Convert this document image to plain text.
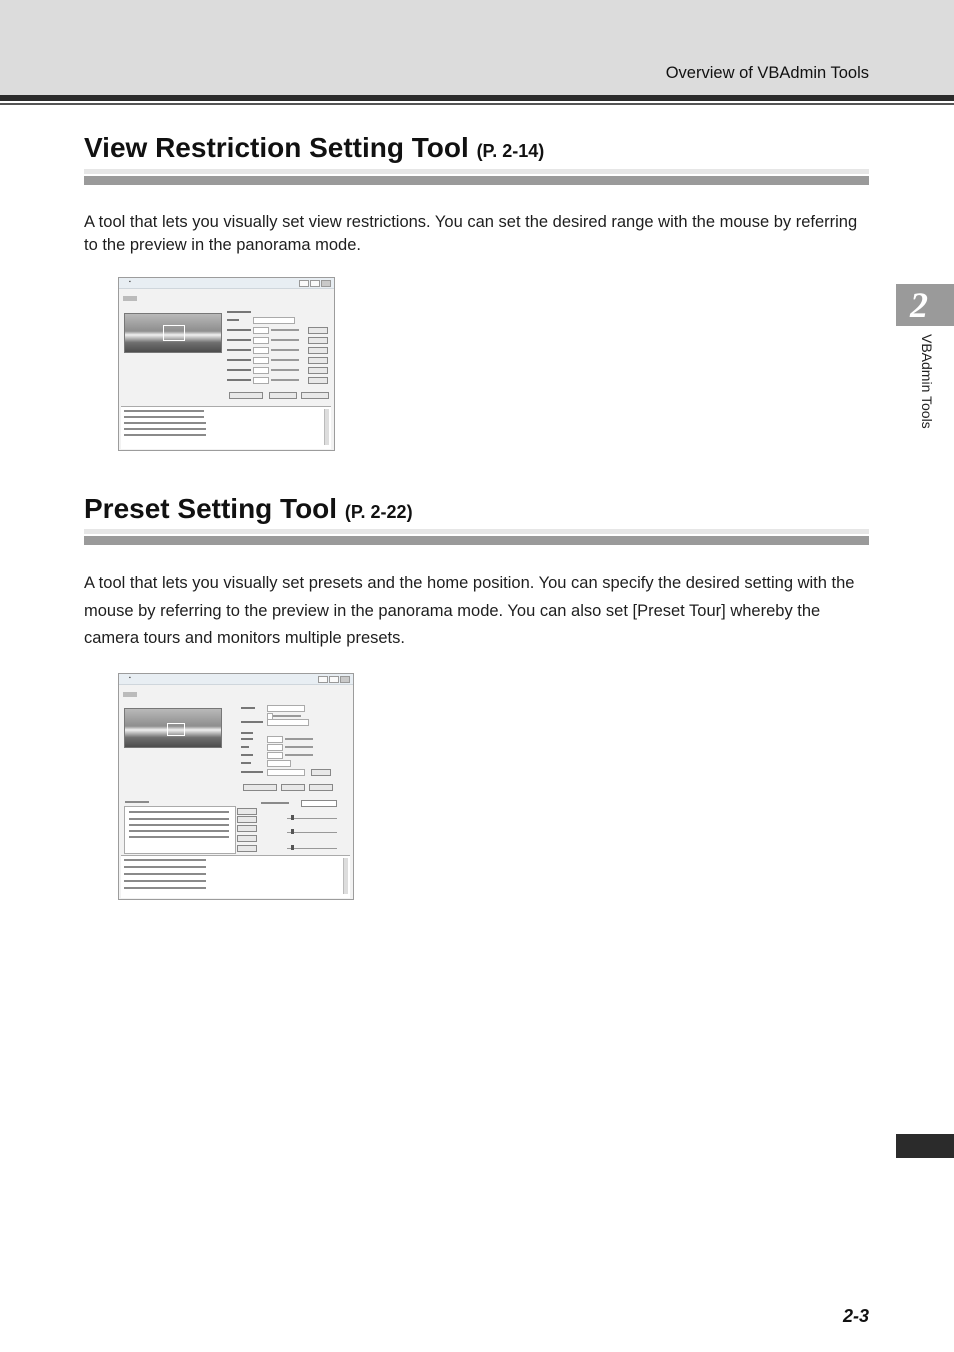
Overview of VBAdmin Tools
View Restriction Setting Tool (P. 2-14)
A tool that lets you visually set view restrictions. You can set the desired range with the mouse by referring to the preview in the panorama mode.
▪
Preset Setting Tool (P. 2-22)
A tool that lets you visually set presets and the home position. You can specify the desired setting with the mouse by referring to the preview in the panorama mode. You can also set [Preset Tour] whereby the camera tours and monitors multiple presets.
▪
2
VBAdmin Tools
2-3
